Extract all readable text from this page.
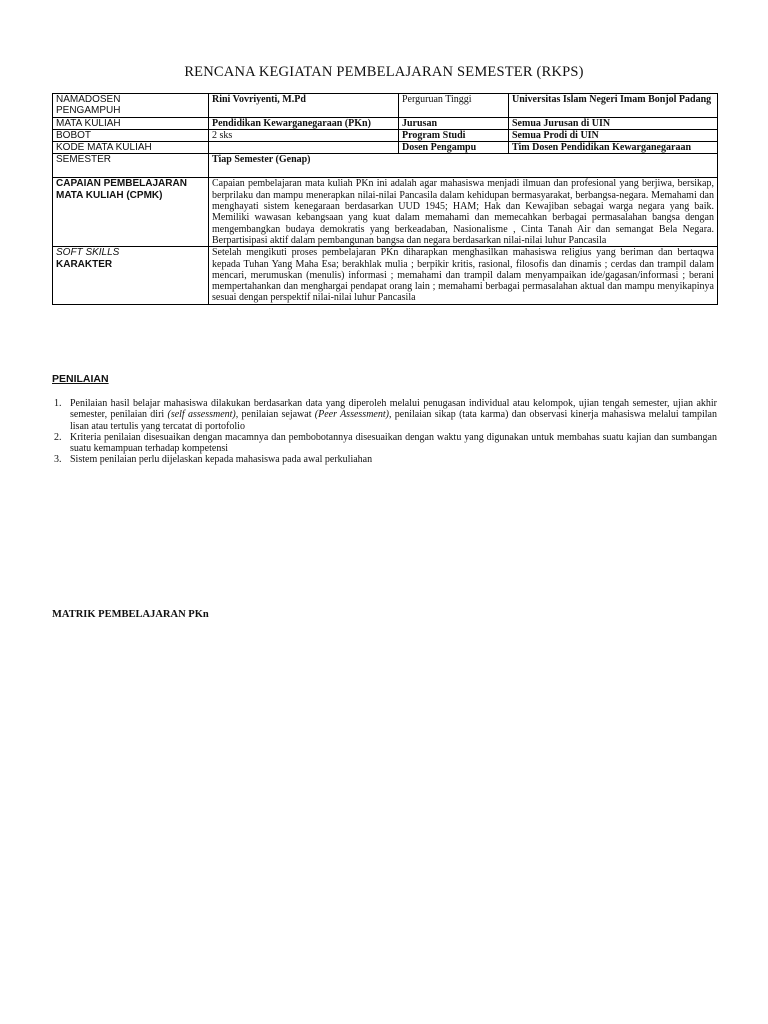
RENCANA KEGIATAN PEMBELAJARAN SEMESTER (RKPS)
NAMADOSEN
PENGAMPUH	Rini Vovriyenti, M.Pd	Perguruan Tinggi	Universitas Islam Negeri Imam Bonjol Padang
MATA KULIAH	Pendidikan Kewarganegaraan (PKn)	Jurusan	Semua Jurusan di UIN
BOBOT	2 sks	Program Studi	Semua Prodi di UIN
KODE MATA KULIAH		Dosen Pengampu	Tim Dosen Pendidikan Kewarganegaraan
SEMESTER	Tiap Semester (Genap)		

CAPAIAN PEMBELAJARAN
MATA KULIAH (CPMK)	Capaian pembelajaran mata kuliah PKn ini adalah agar mahasiswa menjadi ilmuan dan profesional yang berjiwa, bersikap, berprilaku dan mampu menerapkan nilai-nilai Pancasila dalam kehidupan bermasyarakat, berbangsa-negara. Memahami dan menghayati sistem kenegaraan berdasarkan UUD 1945; HAM; Hak dan Kewajiban sebagai warga negara yang baik. Memiliki wawasan kebangsaan yang kuat dalam memahami dan memecahkan berbagai permasalahan bangsa dengan mengembangkan budaya demokratis yang berkeadaban, Nasionalisme , Cinta Tanah Air dan semangat Bela Negara. Berpartisipasi aktif dalam pembangunan bangsa dan negara berdasarkan nilai-nilai luhur Pancasila		

SOFT SKILLS
KARAKTER	Setelah mengikuti proses pembelajaran PKn diharapkan menghasilkan mahasiswa religius yang beriman dan bertaqwa kepada Tuhan Yang Maha Esa; berakhlak mulia ; berpikir kritis, rasional, filosofis dan dinamis ; cerdas dan trampil dalam mencari, merumuskan (menulis) informasi ; memahami dan trampil dalam menyampaikan ide/gagasan/informasi ; berani mempertahankan dan menghargai pendapat orang lain ; memahami berbagai permasalahan aktual dan mampu menyikapinya sesuai dengan perspektif nilai-nilai luhur Pancasila		
PENILAIAN
1. Penilaian hasil belajar mahasiswa dilakukan berdasarkan data yang diperoleh melalui penugasan individual atau kelompok, ujian tengah semester, ujian akhir semester, penilaian diri (self assessment), penilaian sejawat (Peer Assessment), penilaian sikap (tata karma) dan observasi kinerja mahasiswa melalui tampilan lisan atau tertulis yang tercatat di portofolio
2. Kriteria penilaian disesuaikan dengan macamnya dan pembobotannya disesuaikan dengan waktu yang digunakan untuk membahas suatu kajian dan sumbangan suatu kemampuan terhadap kompetensi
3. Sistem penilaian perlu dijelaskan kepada mahasiswa pada awal perkuliahan
MATRIK PEMBELAJARAN PKn
